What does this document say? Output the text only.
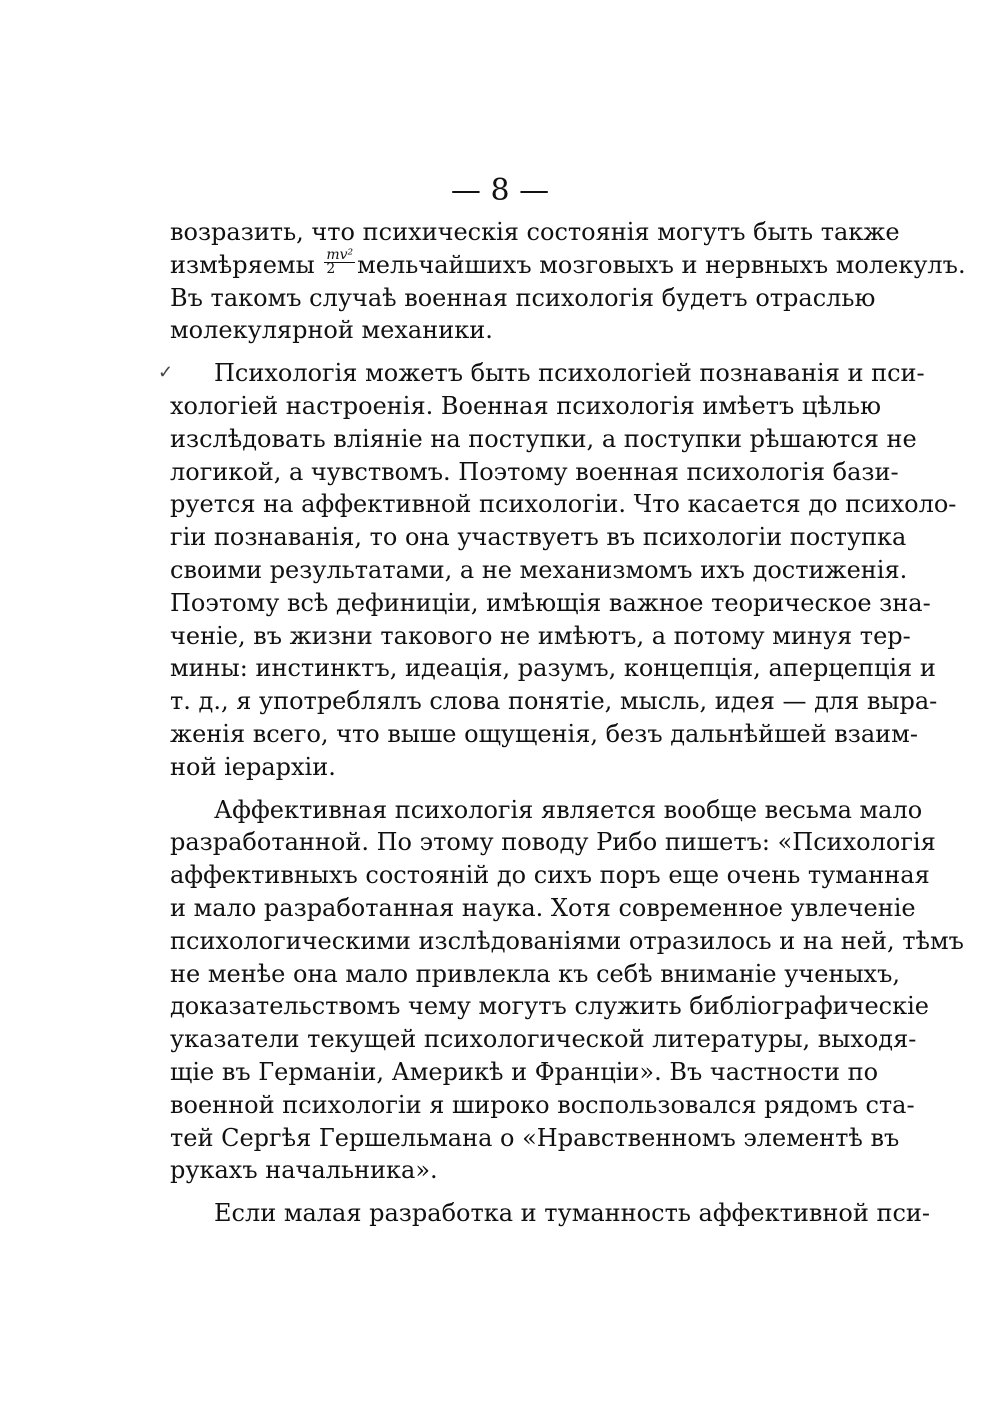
— 8 —
возразить, что психическія состоянія могутъ быть также
измѣряемы $\frac{\text{mv²}}{2}$ мельчайшихъ мозговыхъ и нервныхъ молекулъ.
Въ такомъ случаѣ военная психологія будетъ отраслью
молекулярной механики.
✓ Психологія можетъ быть психологіей познаванія и пси-
хологіей настроенія. Военная психологія имѣетъ цѣлью
изслѣдовать вліяніе на поступки, а поступки рѣшаются не
логикой, а чувствомъ. Поэтому военная психологія бази-
руется на аффективной психологіи. Что касается до психоло-
гіи познаванія, то она участвуетъ въ психологіи поступка
своими результатами, а не механизмомъ ихъ достиженія.
Поэтому всѣ дефиниціи, имѣющія важное теорическое зна-
ченіе, въ жизни такового не имѣютъ, а потому минуя тер-
мины: инстинктъ, идеація, разумъ, концепція, аперцепція и
т. д., я употреблялъ слова понятіе, мысль, идея — для выра-
женія всего, что выше ощущенія, безъ дальнѣйшей взаим-
ной іерархіи.
Аффективная психологія является вообще весьма мало
разработанной. По этому поводу Рибо пишетъ: «Психологія
аффективныхъ состояній до сихъ поръ еще очень туманная
и мало разработанная наука. Хотя современное увлеченіе
психологическими изслѣдованіями отразилось и на ней, тѣмъ
не менѣе она мало привлекла къ себѣ вниманіе ученыхъ,
доказательствомъ чему могутъ служить библіографическіе
указатели текущей психологической литературы, выходя-
щіе въ Германіи, Америкѣ и Франціи». Въ частности по
военной психологіи я широко воспользовался рядомъ ста-
тей Сергѣя Гершельмана о «Нравственномъ элементѣ въ
рукахъ начальника».
Если малая разработка и туманность аффективной пси-
